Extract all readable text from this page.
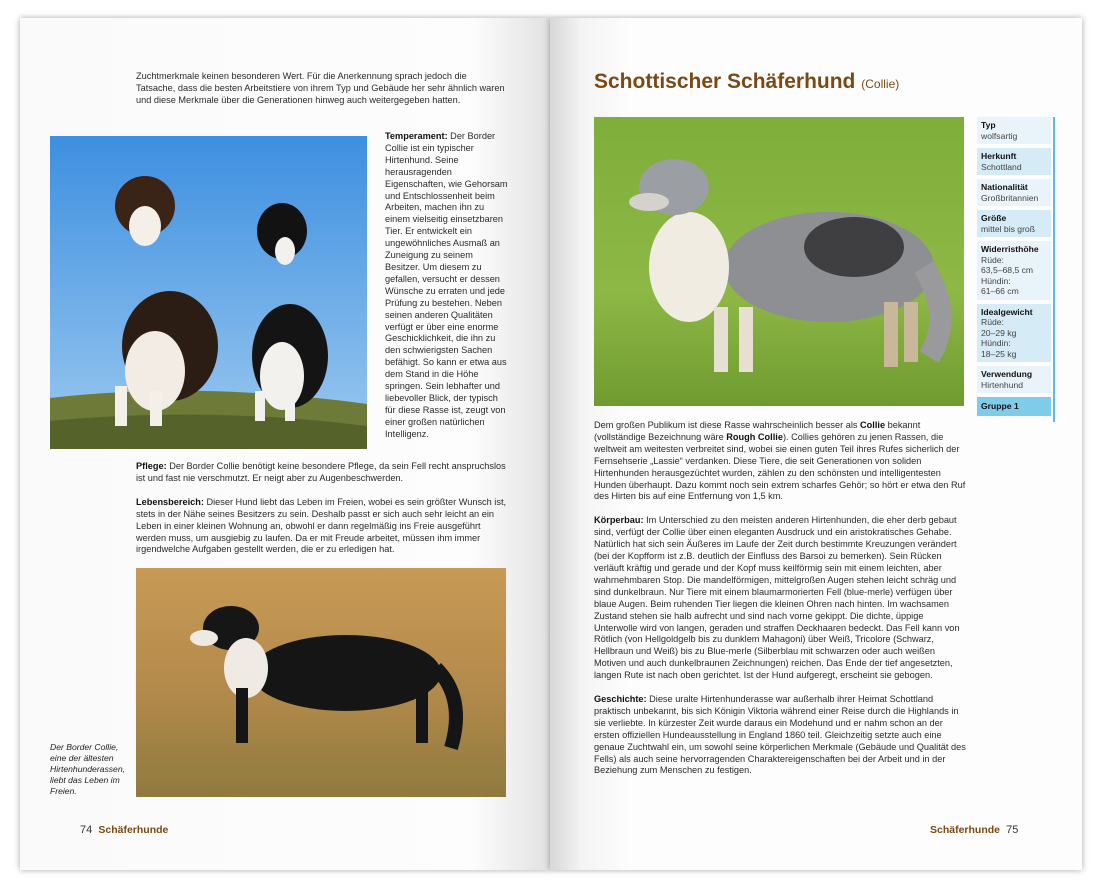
Zuchtmerkmale keinen besonderen Wert. Für die Anerkennung sprach jedoch die Tatsache, dass die besten Arbeitstiere von ihrem Typ und Gebäude her sehr ähnlich waren und diese Merkmale über die Generationen hinweg auch weitergegeben hatten.
Temperament: Der Border Collie ist ein typischer Hirtenhund. Seine herausragenden Eigenschaften, wie Gehorsam und Entschlossenheit beim Arbeiten, machen ihn zu einem vielseitig einsetzbaren Tier. Er entwickelt ein ungewöhnliches Ausmaß an Zuneigung zu seinem Besitzer. Um diesem zu gefallen, versucht er dessen Wünsche zu erraten und jede Prüfung zu bestehen. Neben seinen anderen Qualitäten verfügt er über eine enorme Geschicklichkeit, die ihn zu den schwierigsten Sachen befähigt. So kann er etwa aus dem Stand in die Höhe springen. Sein lebhafter und liebevoller Blick, der typisch für diese Rasse ist, zeugt von einer großen natürlichen Intelligenz.

Pflege: Der Border Collie benötigt keine besondere Pflege, da sein Fell recht anspruchslos ist und fast nie verschmutzt. Er neigt aber zu Augenbeschwerden.

Lebensbereich: Dieser Hund liebt das Leben im Freien, wobei es sein größter Wunsch ist, stets in der Nähe seines Besitzers zu sein. Deshalb passt er sich auch sehr leicht an ein Leben in einer kleinen Wohnung an, obwohl er dann regelmäßig ins Freie ausgeführt werden muss, um ausgiebig zu laufen. Da er mit Freude arbeitet, müssen ihm immer irgendwelche Aufgaben gestellt werden, die er zu erledigen hat.

Der Border Collie, eine der ältesten Hirtenhunderassen, liebt das Leben im Freien.
74 Schäferhunde
Schottischer Schäferhund (Collie)

Dem großen Publikum ist diese Rasse wahrscheinlich besser als Collie bekannt (vollständige Bezeichnung wäre Rough Collie). Collies gehören zu jenen Rassen, die weltweit am weitesten verbreitet sind, wobei sie einen guten Teil ihres Rufes sicherlich der Fernsehserie „Lassie“ verdanken. Diese Tiere, die seit Generationen von soliden Hirtenhunden herausgezüchtet wurden, zählen zu den schönsten und intelligentesten Hunden überhaupt. Dazu kommt noch sein extrem scharfes Gehör; so hört er etwa den Ruf des Hirten bis auf eine Entfernung von 1,5 km.

Körperbau: Im Unterschied zu den meisten anderen Hirtenhunden, die eher derb gebaut sind, verfügt der Collie über einen eleganten Ausdruck und ein aristokratisches Gehabe. Natürlich hat sich sein Äußeres im Laufe der Zeit durch bestimmte Kreuzungen verändert (bei der Kopfform ist z.B. deutlich der Einfluss des Barsoi zu bemerken). Sein Rücken verläuft kräftig und gerade und der Kopf muss keilförmig sein mit einem leichten, aber wahrnehmbaren Stop. Die mandelförmigen, mittelgroßen Augen stehen leicht schräg und sind dunkelbraun. Nur Tiere mit einem blaumarmorierten Fell (blue-merle) verfügen über blaue Augen. Beim ruhenden Tier liegen die kleinen Ohren nach hinten. Im wachsamen Zustand stehen sie halb aufrecht und sind nach vorne gekippt. Die dichte, üppige Unterwolle wird von langen, geraden und straffen Deckhaaren bedeckt. Das Fell kann von Rötlich (von Hellgoldgelb bis zu dunklem Mahagoni) über Weiß, Tricolore (Schwarz, Hellbraun und Weiß) bis zu Blue-merle (Silberblau mit schwarzen oder auch weißen Motiven und auch dunkelbraunen Zeichnungen) reichen. Das Ende der tief angesetzten, langen Rute ist nach oben gerichtet. Ist der Hund aufgeregt, erscheint sie gebogen.

Geschichte: Diese uralte Hirtenhunderasse war außerhalb ihrer Heimat Schottland praktisch unbekannt, bis sich Königin Viktoria während einer Reise durch die Highlands in sie verliebte. In kürzester Zeit wurde daraus ein Modehund und er nahm schon an der ersten offiziellen Hundeausstellung in England 1860 teil. Gleichzeitig setzte auch eine genaue Zuchtwahl ein, um sowohl seine körperlichen Merkmale (Gebäude und Qualität des Fells) als auch seine hervorragenden Charaktereigenschaften bei der Arbeit und in der Beziehung zum Menschen zu festigen.

Typ
wolfsartig
Herkunft
Schottland
Nationalität
Großbritannien
Größe
mittel bis groß
Widerristhöhe
Rüde:
63,5–68,5 cm
Hündin:
61–66 cm
Idealgewicht
Rüde:
20–29 kg
Hündin:
18–25 kg
Verwendung
Hirtenhund
Gruppe 1
Schäferhunde 75
